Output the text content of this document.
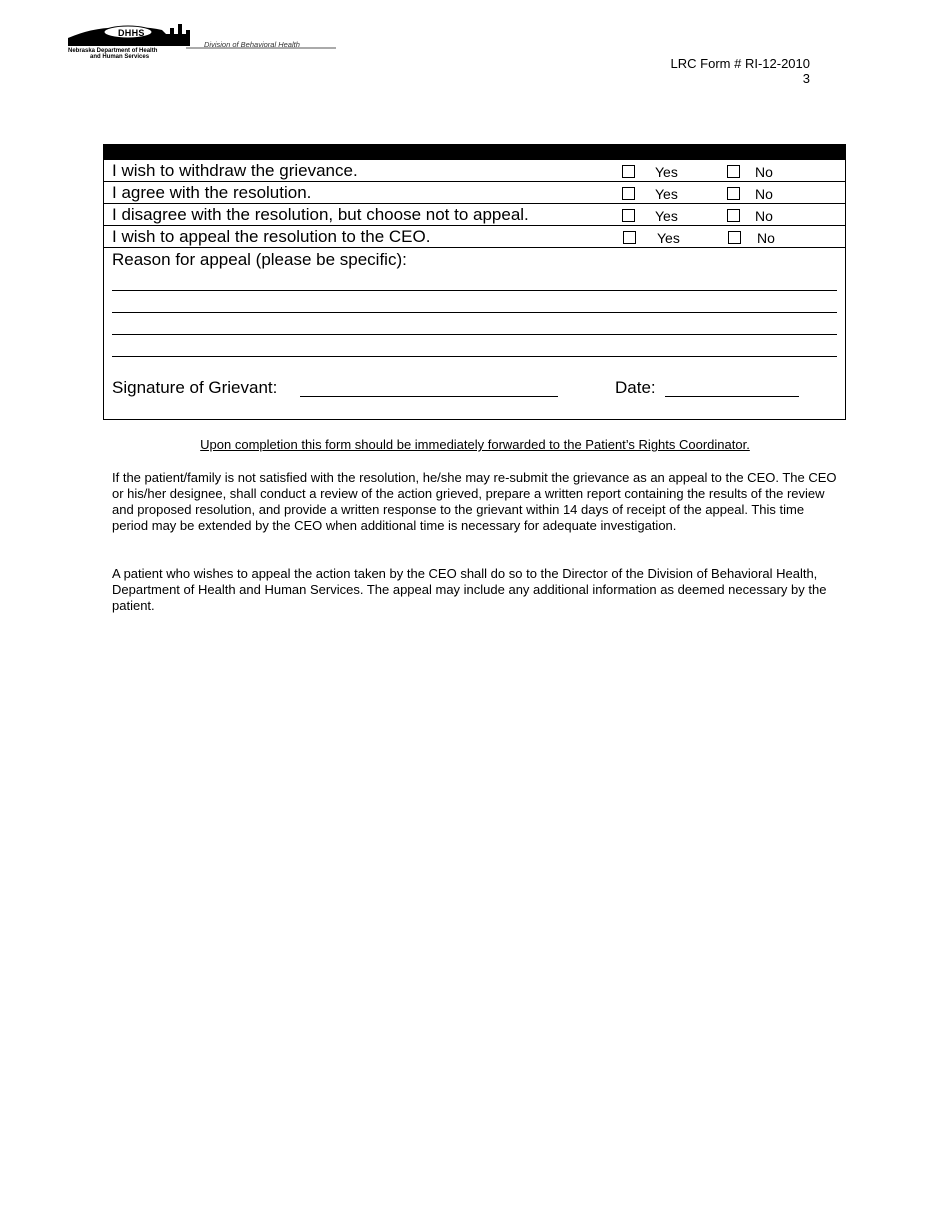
DHHS
Nebraska Department of Health
and Human Services
Division of Behavioral Health
LRC Form # RI-12-2010
3
I wish to withdraw the grievance.	Yes	No
I agree with the resolution.	Yes	No
I disagree with the resolution, but choose not to appeal.	Yes	No
I wish to appeal the resolution to the CEO.	Yes	No
Reason for appeal (please be specific):
Signature of Grievant:	Date:
Upon completion this form should be immediately forwarded to the Patient’s Rights Coordinator.
If the patient/family is not satisfied with the resolution, he/she may re-submit the grievance as an appeal to the CEO. The CEO or his/her designee, shall conduct a review of the action grieved, prepare a written report containing the results of the review and proposed resolution, and provide a written response to the grievant within 14 days of receipt of the appeal. This time period may be extended by the CEO when additional time is necessary for adequate investigation.
A patient who wishes to appeal the action taken by the CEO shall do so to the Director of the Division of Behavioral Health, Department of Health and Human Services. The appeal may include any additional information as deemed necessary by the patient.
